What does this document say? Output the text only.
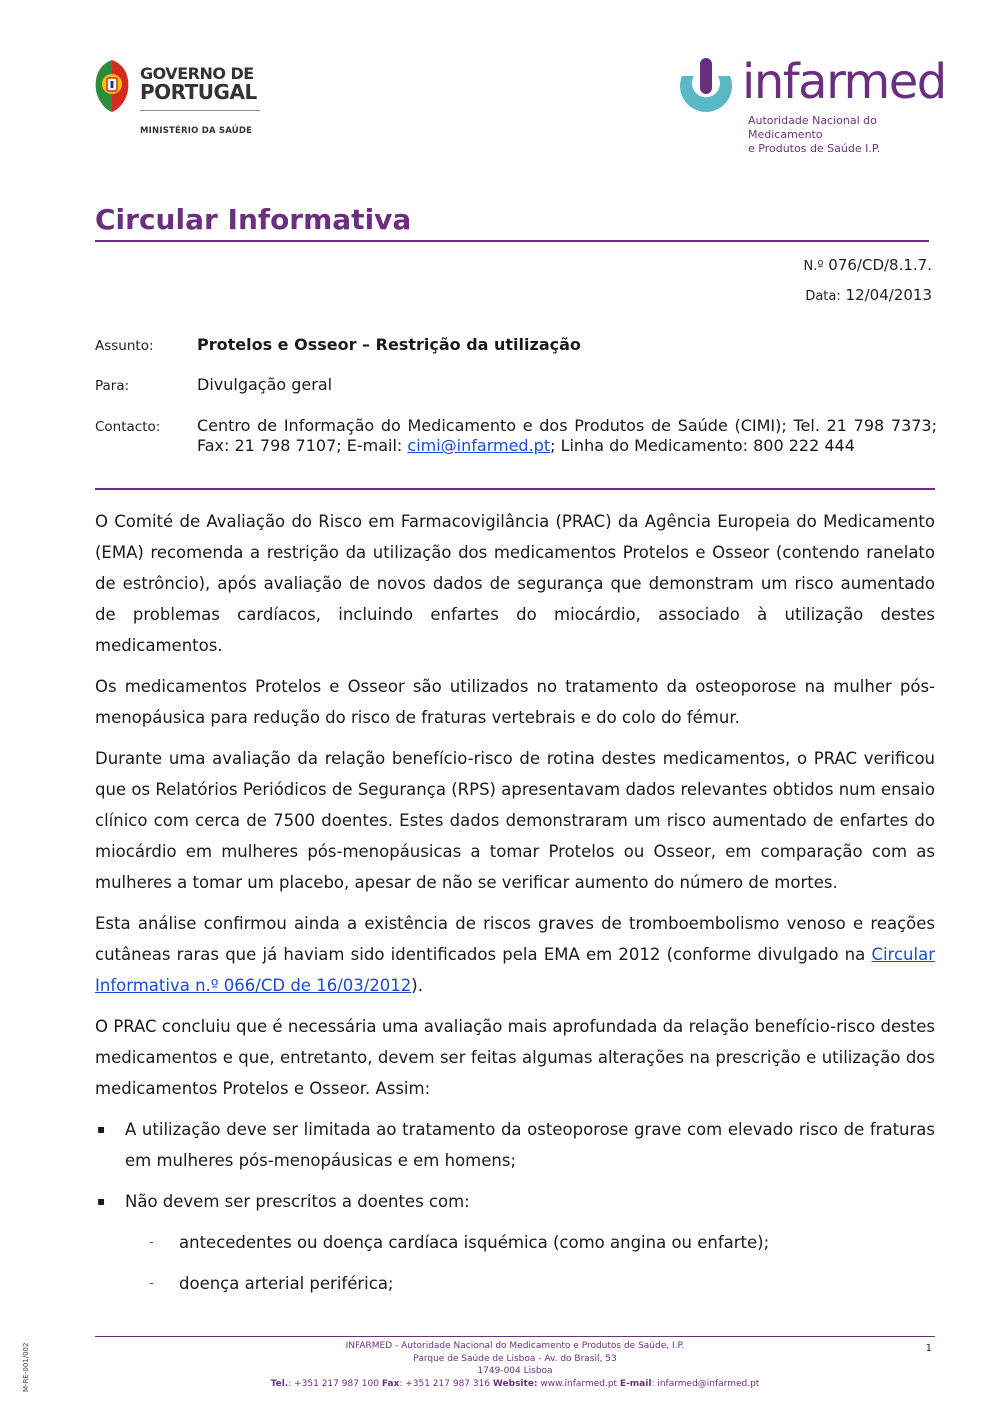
GOVERNO DE
PORTUGAL
MINISTÉRIO DA SAÚDE
infarmed
Autoridade Nacional do Medicamento
e Produtos de Saúde I.P.
Circular Informativa
N.º 076/CD/8.1.7.
Data: 12/04/2013
Assunto:	Protelos e Osseor – Restrição da utilização
Para:	Divulgação geral
Contacto: Centro de Informação do Medicamento e dos Produtos de Saúde (CIMI); Tel. 21 798 7373; Fax: 21 798 7107; E-mail: cimi@infarmed.pt; Linha do Medicamento: 800 222 444

O Comité de Avaliação do Risco em Farmacovigilância (PRAC) da Agência Europeia do Medicamento (EMA) recomenda a restrição da utilização dos medicamentos Protelos e Osseor (contendo ranelato de estrôncio), após avaliação de novos dados de segurança que demonstram um risco aumentado de problemas cardíacos, incluindo enfartes do miocárdio, associado à utilização destes medicamentos.

Os medicamentos Protelos e Osseor são utilizados no tratamento da osteoporose na mulher pós-menopáusica para redução do risco de fraturas vertebrais e do colo do fémur.

Durante uma avaliação da relação benefício-risco de rotina destes medicamentos, o PRAC verificou que os Relatórios Periódicos de Segurança (RPS) apresentavam dados relevantes obtidos num ensaio clínico com cerca de 7500 doentes. Estes dados demonstraram um risco aumentado de enfartes do miocárdio em mulheres pós-menopáusicas a tomar Protelos ou Osseor, em comparação com as mulheres a tomar um placebo, apesar de não se verificar aumento do número de mortes.

Esta análise confirmou ainda a existência de riscos graves de tromboembolismo venoso e reações cutâneas raras que já haviam sido identificados pela EMA em 2012 (conforme divulgado na Circular Informativa n.º 066/CD de 16/03/2012).

O PRAC concluiu que é necessária uma avaliação mais aprofundada da relação benefício-risco destes medicamentos e que, entretanto, devem ser feitas algumas alterações na prescrição e utilização dos medicamentos Protelos e Osseor. Assim:

▪ A utilização deve ser limitada ao tratamento da osteoporose grave com elevado risco de fraturas em mulheres pós-menopáusicas e em homens;
▪ Não devem ser prescritos a doentes com:
- antecedentes ou doença cardíaca isquémica (como angina ou enfarte);
- doença arterial periférica;
INFARMED - Autoridade Nacional do Medicamento e Produtos de Saúde, I.P.
Parque de Saúde de Lisboa - Av. do Brasil, 53
1749-004 Lisboa
Tel.: +351 217 987 100 Fax: +351 217 987 316 Website: www.infarmed.pt E-mail: infarmed@infarmed.pt
1
M-RE-001/002
